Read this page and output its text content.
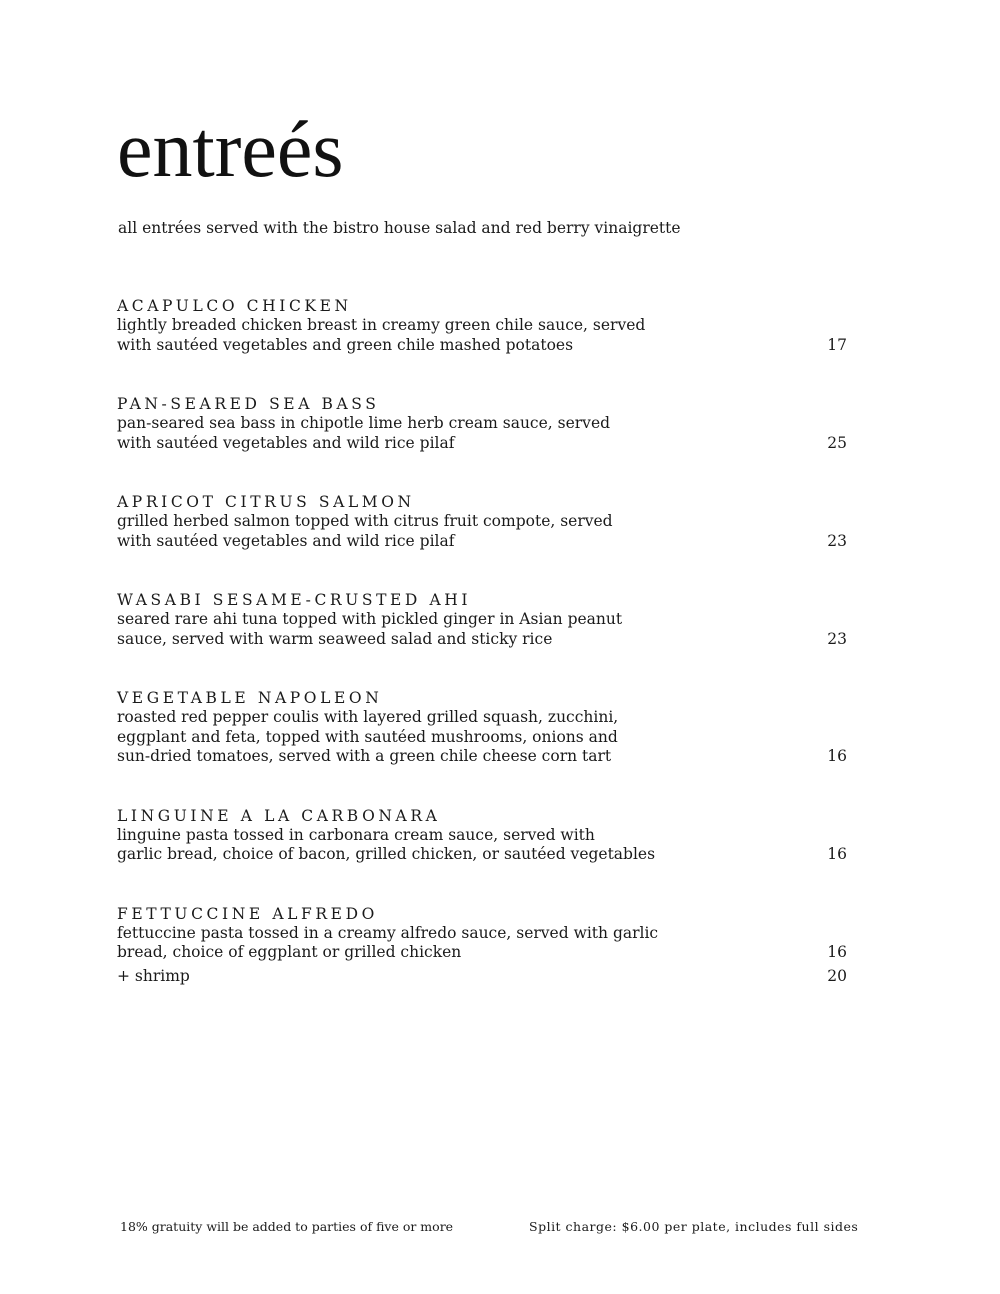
entreés

all entrées served with the bistro house salad and red berry vinaigrette

ACAPULCO CHICKEN
lightly breaded chicken breast in creamy green chile sauce, served
with sautéed vegetables and green chile mashed potatoes	17
PAN-SEARED SEA BASS
pan-seared sea bass in chipotle lime herb cream sauce, served
with sautéed vegetables and wild rice pilaf	25
APRICOT CITRUS SALMON
grilled herbed salmon topped with citrus fruit compote, served
with sautéed vegetables and wild rice pilaf	23
WASABI SESAME-CRUSTED AHI
seared rare ahi tuna topped with pickled ginger in Asian peanut
sauce, served with warm seaweed salad and sticky rice	23
VEGETABLE NAPOLEON
roasted red pepper coulis with layered grilled squash, zucchini,
eggplant and feta, topped with sautéed mushrooms, onions and
sun-dried tomatoes, served with a green chile cheese corn tart	16
LINGUINE A LA CARBONARA
linguine pasta tossed in carbonara cream sauce, served with
garlic bread, choice of bacon, grilled chicken, or sautéed vegetables	16
FETTUCCINE ALFREDO
fettuccine pasta tossed in a creamy alfredo sauce, served with garlic
bread, choice of eggplant or grilled chicken	16
+ shrimp	20

18% gratuity will be added to parties of five or more	Split charge: $6.00 per plate, includes full sides
